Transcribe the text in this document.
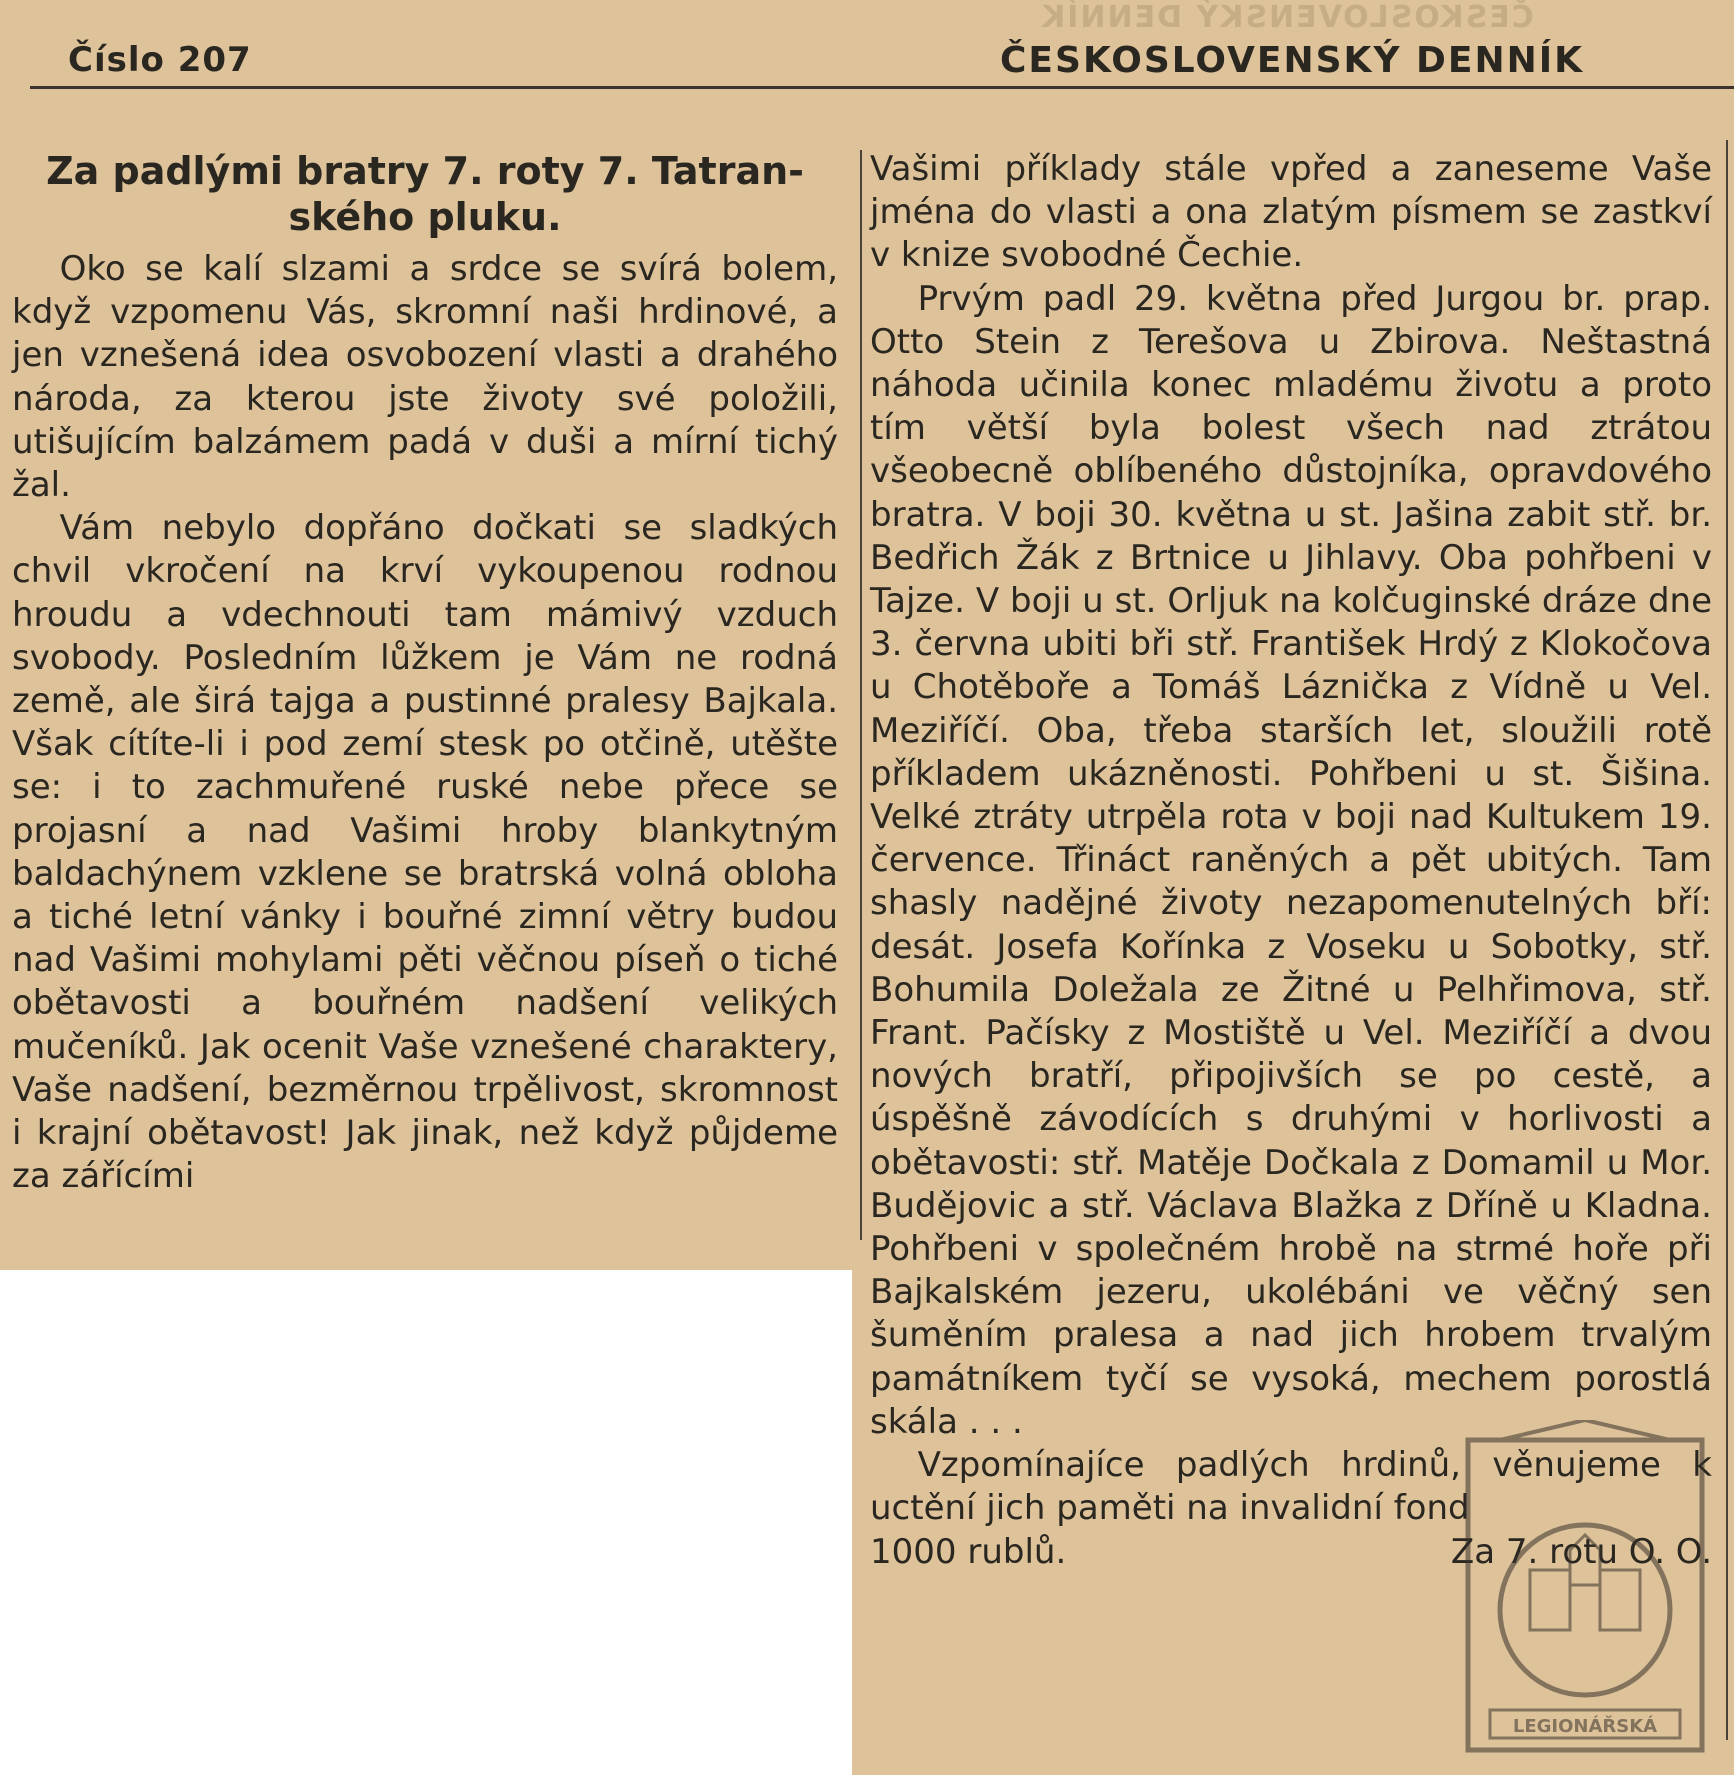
ČESKOSLOVENSKÝ DENNÍK
Číslo 207	ČESKOSLOVENSKÝ DENNÍK
Za padlými bratry 7. roty 7. Tatran-
ského pluku.

Oko se kalí slzami a srdce se svírá bolem, když vzpomenu Vás, skromní naši hrdinové, a jen vznešená idea osvobození vlasti a drahého národa, za kterou jste životy své položili, utišujícím balzámem padá v duši a mírní tichý žal.

Vám nebylo dopřáno dočkati se sladkých chvil vkročení na krví vykoupenou rodnou hroudu a vdechnouti tam mámivý vzduch svobody. Posledním lůžkem je Vám ne rodná země, ale širá tajga a pustinné pralesy Bajkala. Však cítíte-li i pod zemí stesk po otčině, utěšte se: i to zachmuřené ruské nebe přece se projasní a nad Vašimi hroby blankytným baldachýnem vzklene se bratrská volná obloha a tiché letní vánky i bouřné zimní větry budou nad Vašimi mohylami pěti věčnou píseň o tiché obětavosti a bouřném nadšení velikých mučeníků. Jak ocenit Vaše vznešené charaktery, Vaše nadšení, bezměrnou trpělivost, skromnost i krajní obětavost! Jak jinak, než když půjdeme za zářícími

Vašimi příklady stále vpřed a zaneseme Vaše jména do vlasti a ona zlatým písmem se zastkví v knize svobodné Čechie.

Prvým padl 29. května před Jurgou br. prap. Otto Stein z Terešova u Zbirova. Neštastná náhoda učinila konec mladému životu a proto tím větší byla bolest všech nad ztrátou všeobecně oblíbeného důstojníka, opravdového bratra. V boji 30. května u st. Jašina zabit stř. br. Bedřich Žák z Brtnice u Jihlavy. Oba pohřbeni v Tajze. V boji u st. Orljuk na kolčuginské dráze dne 3. června ubiti bři stř. František Hrdý z Klokočova u Chotěboře a Tomáš Láznička z Vídně u Vel. Meziříčí. Oba, třeba starších let, sloužili rotě příkladem ukázněnosti. Pohřbeni u st. Šišina. Velké ztráty utrpěla rota v boji nad Kultukem 19. července. Třináct raněných a pět ubitých. Tam shasly nadějné životy nezapomenutelných bří: desát. Josefa Kořínka z Voseku u Sobotky, stř. Bohumila Doležala ze Žitné u Pelhřimova, stř. Frant. Pačísky z Mostiště u Vel. Meziříčí a dvou nových bratří, připojivších se po cestě, a úspěšně závodících s druhými v horlivosti a obětavosti: stř. Matěje Dočkala z Domamil u Mor. Budějovic a stř. Václava Blažka z Dříně u Kladna. Pohřbeni v společném hrobě na strmé hoře při Bajkalském jezeru, ukolébáni ve věčný sen šuměním pralesa a nad jich hrobem trvalým památníkem tyčí se vysoká, mechem porostlá skála . . .

Vzpomínajíce padlých hrdinů, věnujeme k uctění jich paměti na invalidní fond

1000 rublů.	Za 7. rotu O. O.
LEGIONÁŘSKÁ
